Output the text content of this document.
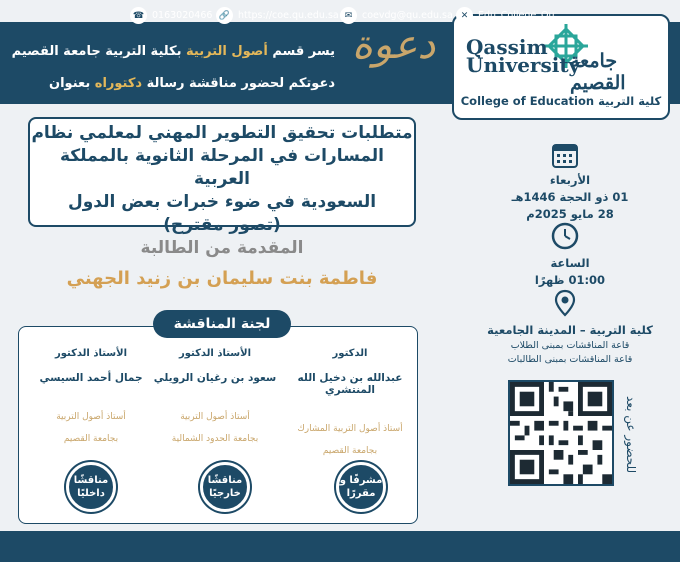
Qassim
University
جامعة القصيم
College of Education كلية التربية
دعوة
يسر قسم أصول التربية بكلية التربية جامعة القصيم
دعوتكم لحضور مناقشة رسالة دكتوراه بعنوان
متطلبات تحقيق التطوير المهني لمعلمي نظام
المسارات في المرحلة الثانوية بالمملكة العربية
السعودية في ضوء خبرات بعض الدول
(تصور مقترح)
المقدمة من الطالبة
فاطمة بنت سليمان بن زنيد الجهني
لجنة المناقشة
الدكتور
عبدالله بن دخيل الله المنتشري
أستاذ أصول التربية المشارك
بجامعة القصيم
الأستاذ الدكتور
سعود بن رغيان الرويلي
أستاذ أصول التربية
بجامعة الحدود الشمالية
الأستاذ الدكتور
جمال أحمد السيسي
أستاذ أصول التربية
بجامعة القصيم
مشرفًا و مقررًا
مناقشًا خارجيًا
مناقشًا داخليًا
الأربعاء
01 ذو الحجة 1446هـ
28 مايو 2025م
الساعة
01:00 ظهرًا
كلية التربية – المدينة الجامعية
قاعة المناقشات بمبنى الطلاب
قاعة المناقشات بمبنى الطالبات
للحضور عن بعد
☎ 0163020466 🔗 https://coe.qu.edu.sa ✉	coevdg@qu.edu.sa ✕	Edu_College_Qu
